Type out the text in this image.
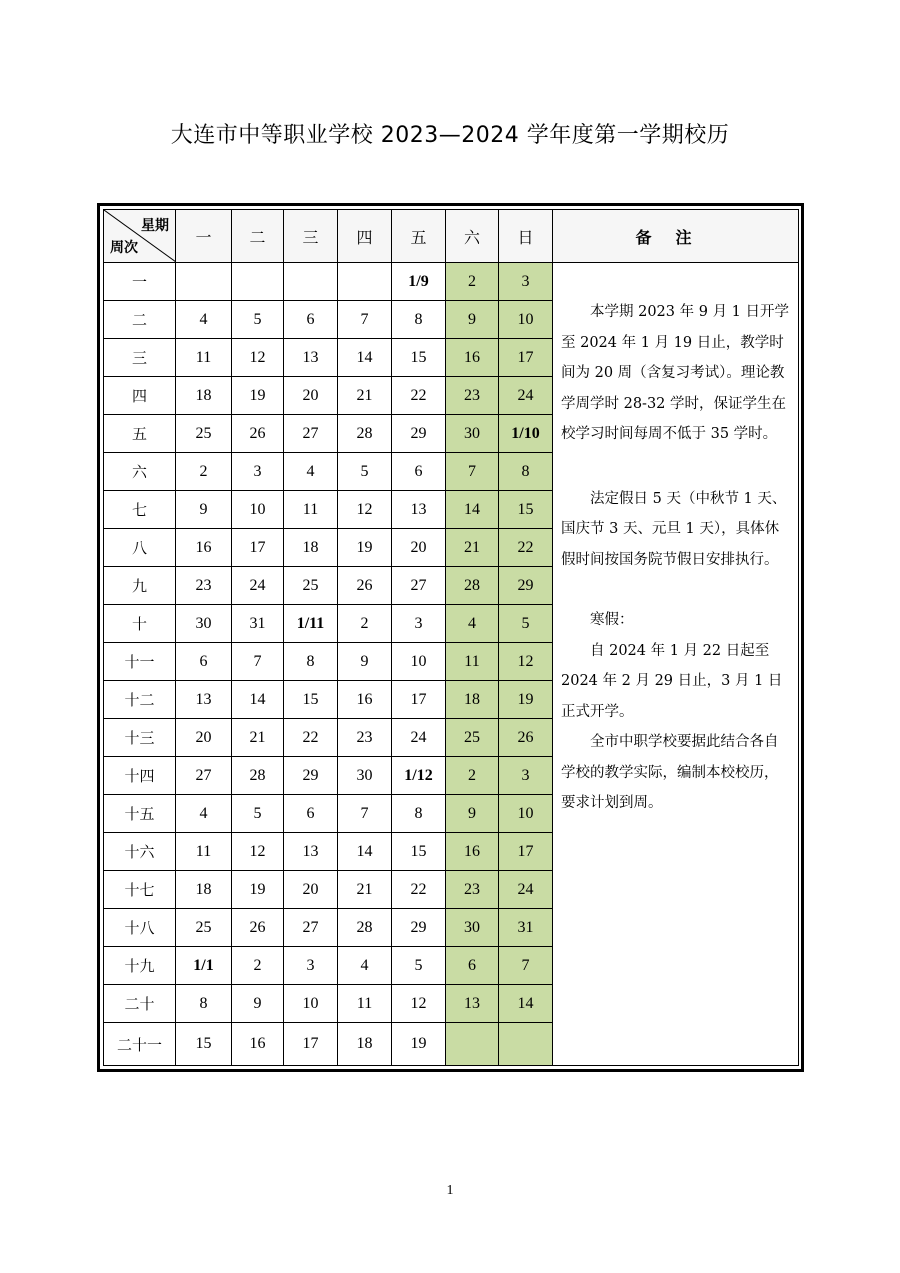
大连市中等职业学校 2023—2024 学年度第一学期校历
星期
周次	一	二	三	四	五	六	日	备注
一					1/9	2	3	本学期 2023 年 9 月 1 日开学至 2024 年 1 月 19 日止，教学时间为 20 周（含复习考试）。理论教学周学时 28-32 学时，保证学生在校学习时间每周不低于 35 学时。

法定假日 5 天（中秋节 1 天、国庆节 3 天、元旦 1 天），具体休假时间按国务院节假日安排执行。

寒假：

自 2024 年 1 月 22 日起至 2024 年 2 月 29 日止，3 月 1 日正式开学。

全市中职学校要据此结合各自学校的教学实际，编制本校校历，要求计划到周。

二	4	5	6	7	8	9	10	
三	11	12	13	14	15	16	17	
四	18	19	20	21	22	23	24	
五	25	26	27	28	29	30	1/10	
六	2	3	4	5	6	7	8	
七	9	10	11	12	13	14	15	
八	16	17	18	19	20	21	22	
九	23	24	25	26	27	28	29	
十	30	31	1/11	2	3	4	5	
十一	6	7	8	9	10	11	12	
十二	13	14	15	16	17	18	19	
十三	20	21	22	23	24	25	26	
十四	27	28	29	30	1/12	2	3	
十五	4	5	6	7	8	9	10	
十六	11	12	13	14	15	16	17	
十七	18	19	20	21	22	23	24	
十八	25	26	27	28	29	30	31	
十九	1/1	2	3	4	5	6	7	
二十	8	9	10	11	12	13	14	
二十一	15	16	17	18	19			
1
